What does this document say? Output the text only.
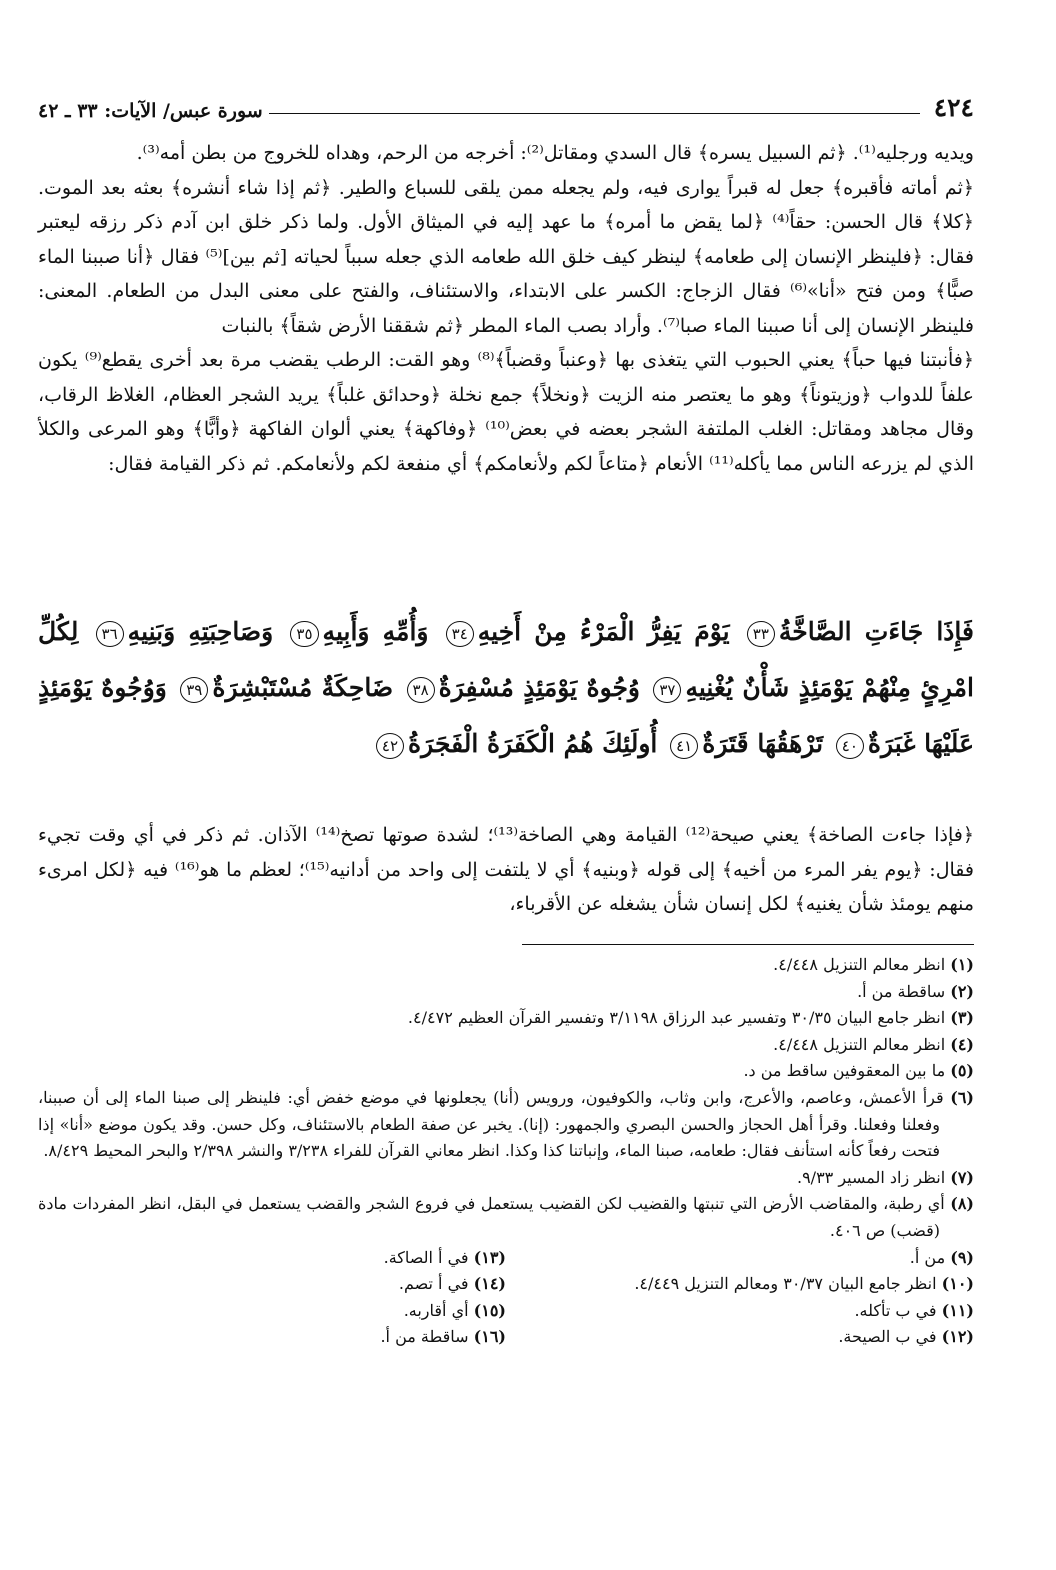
٤٢٤
سورة عبس/ الآيات: ٣٣ ـ ٤٢

ويديه ورجليه⁽¹⁾. ﴿ثم السبيل يسره﴾ قال السدي ومقاتل⁽²⁾: أخرجه من الرحم، وهداه للخروج من بطن أمه⁽³⁾.

﴿ثم أماته فأقبره﴾ جعل له قبراً يوارى فيه، ولم يجعله ممن يلقى للسباع والطير. ﴿ثم إذا شاء أنشره﴾ بعثه بعد الموت. ﴿كلا﴾ قال الحسن: حقاً⁽⁴⁾ ﴿لما يقض ما أمره﴾ ما عهد إليه في الميثاق الأول. ولما ذكر خلق ابن آدم ذكر رزقه ليعتبر فقال: ﴿فلينظر الإنسان إلى طعامه﴾ لينظر كيف خلق الله طعامه الذي جعله سبباً لحياته [ثم بين]⁽⁵⁾ فقال ﴿أنا صببنا الماء صبًّا﴾ ومن فتح «أنا»⁽⁶⁾ فقال الزجاج: الكسر على الابتداء، والاستئناف، والفتح على معنى البدل من الطعام. المعنى: فلينظر الإنسان إلى أنا صببنا الماء صبا⁽⁷⁾. وأراد بصب الماء المطر ﴿ثم شققنا الأرض شقاً﴾ بالنبات

﴿فأنبتنا فيها حباً﴾ يعني الحبوب التي يتغذى بها ﴿وعنباً وقضباً﴾⁽⁸⁾ وهو القت: الرطب يقضب مرة بعد أخرى يقطع⁽⁹⁾ يكون علفاً للدواب ﴿وزيتوناً﴾ وهو ما يعتصر منه الزيت ﴿ونخلاً﴾ جمع نخلة ﴿وحدائق غلباً﴾ يريد الشجر العظام، الغلاظ الرقاب، وقال مجاهد ومقاتل: الغلب الملتفة الشجر بعضه في بعض⁽¹⁰⁾ ﴿وفاكهة﴾ يعني ألوان الفاكهة ﴿وأبًّا﴾ وهو المرعى والكلأ الذي لم يزرعه الناس مما يأكله⁽¹¹⁾ الأنعام ﴿متاعاً لكم ولأنعامكم﴾ أي منفعة لكم ولأنعامكم. ثم ذكر القيامة فقال:

فَإِذَا جَاءَتِ الصَّاخَّةُ٣٣ يَوْمَ يَفِرُّ الْمَرْءُ مِنْ أَخِيهِ٣٤ وَأُمِّهِ وَأَبِيهِ٣٥ وَصَاحِبَتِهِ وَبَنِيهِ٣٦ لِكُلِّ امْرِئٍ مِنْهُمْ يَوْمَئِذٍ شَأْنٌ يُغْنِيهِ٣٧ وُجُوهٌ يَوْمَئِذٍ مُسْفِرَةٌ٣٨ ضَاحِكَةٌ مُسْتَبْشِرَةٌ٣٩ وَوُجُوهٌ يَوْمَئِذٍ عَلَيْهَا غَبَرَةٌ٤٠ تَرْهَقُهَا قَتَرَةٌ٤١ أُولَئِكَ هُمُ الْكَفَرَةُ الْفَجَرَةُ٤٢

﴿فإذا جاءت الصاخة﴾ يعني صيحة⁽¹²⁾ القيامة وهي الصاخة⁽¹³⁾؛ لشدة صوتها تصخ⁽¹⁴⁾ الآذان. ثم ذكر في أي وقت تجيء فقال: ﴿يوم يفر المرء من أخيه﴾ إلى قوله ﴿وبنيه﴾ أي لا يلتفت إلى واحد من أدانيه⁽¹⁵⁾؛ لعظم ما هو⁽¹⁶⁾ فيه ﴿لكل امرىء منهم يومئذ شأن يغنيه﴾ لكل إنسان شأن يشغله عن الأقرباء،

(١) انظر معالم التنزيل ٤/٤٤٨.

(٢) ساقطة من أ.

(٣) انظر جامع البيان ٣٠/٣٥ وتفسير عبد الرزاق ٣/١١٩٨ وتفسير القرآن العظيم ٤/٤٧٢.

(٤) انظر معالم التنزيل ٤/٤٤٨.

(٥) ما بين المعقوفين ساقط من د.

(٦) قرأ الأعمش، وعاصم، والأعرج، وابن وثاب، والكوفيون، ورويس (أنا) يجعلونها في موضع خفض أي: فلينظر إلى صبنا الماء إلى أن صببنا، وفعلنا وفعلنا. وقرأ أهل الحجاز والحسن البصري والجمهور: (إنا). يخبر عن صفة الطعام بالاستئناف، وكل حسن. وقد يكون موضع «أنا» إذا فتحت رفعاً كأنه استأنف فقال: طعامه، صبنا الماء، وإنباتنا كذا وكذا. انظر معاني القرآن للفراء ٣/٢٣٨ والنشر ٢/٣٩٨ والبحر المحيط ٨/٤٢٩.

(٧) انظر زاد المسير ٩/٣٣.

(٨) أي رطبة، والمقاضب الأرض التي تنبتها والقضيب لكن القضيب يستعمل في فروع الشجر والقضب يستعمل في البقل، انظر المفردات مادة (قضب) ص ٤٠٦.

(٩) من أ.

(١٠) انظر جامع البيان ٣٠/٣٧ ومعالم التنزيل ٤/٤٤٩.

(١١) في ب تأكله.

(١٢) في ب الصيحة.

(١٣) في أ الصاكة.

(١٤) في أ تصم.

(١٥) أي أقاربه.

(١٦) ساقطة من أ.
